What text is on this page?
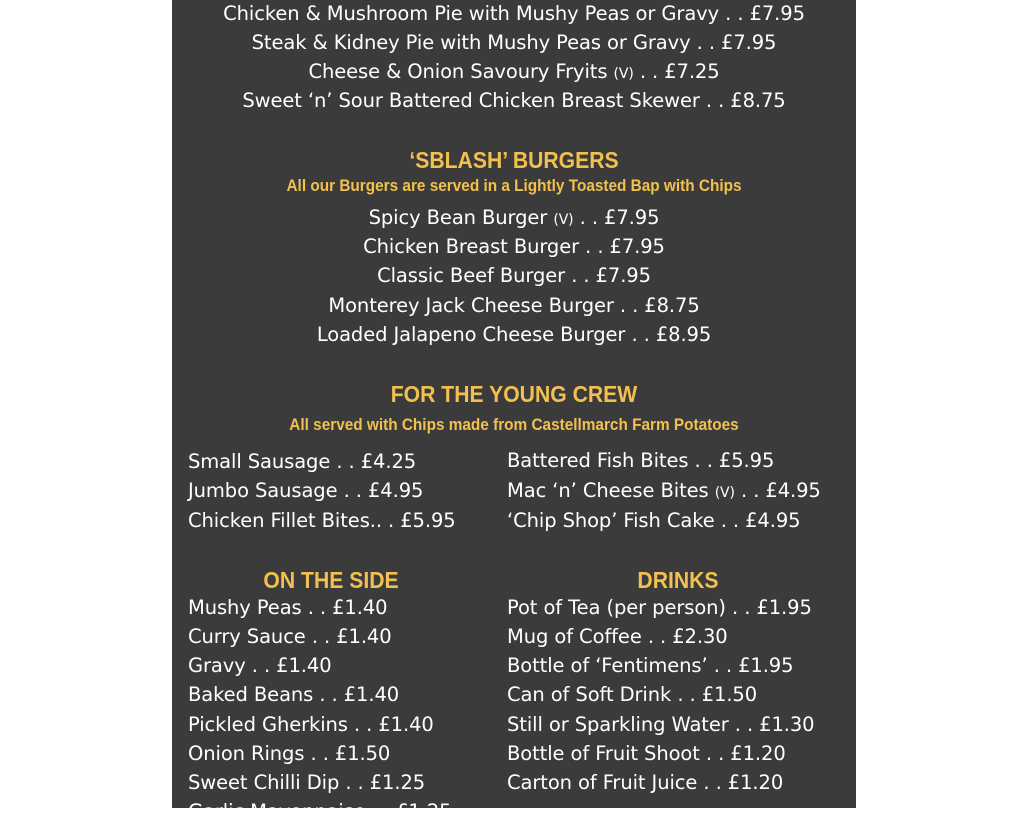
Chicken & Mushroom Pie with Mushy Peas or Gravy . . £7.95
Steak & Kidney Pie with Mushy Peas or Gravy . . £7.95
Cheese & Onion Savoury Fryits (V) . . £7.25
Sweet ‘n’ Sour Battered Chicken Breast Skewer . . £8.75
‘SBLASH’ BURGERS
All our Burgers are served in a Lightly Toasted Bap with Chips
Spicy Bean Burger (V) . . £7.95
Chicken Breast Burger . . £7.95
Classic Beef Burger . . £7.95
Monterey Jack Cheese Burger . . £8.75
Loaded Jalapeno Cheese Burger . . £8.95
FOR THE YOUNG CREW
All served with Chips made from Castellmarch Farm Potatoes
Small Sausage . . £4.25
Jumbo Sausage . . £4.95
Chicken Fillet Bites.. . £5.95
Battered Fish Bites . . £5.95
Mac ‘n’ Cheese Bites (V) . . £4.95
‘Chip Shop’ Fish Cake . . £4.95
ON THE SIDE
Mushy Peas . . £1.40
Curry Sauce . . £1.40
Gravy . . £1.40
Baked Beans . . £1.40
Pickled Gherkins . . £1.40
Onion Rings . . £1.50
Sweet Chilli Dip . . £1.25
Garlic Mayonnaise . . £1.25
DRINKS
Pot of Tea (per person) . . £1.95
Mug of Coffee . . £2.30
Bottle of ‘Fentimens’ . . £1.95
Can of Soft Drink . . £1.50
Still or Sparkling Water . . £1.30
Bottle of Fruit Shoot . . £1.20
Carton of Fruit Juice . . £1.20
